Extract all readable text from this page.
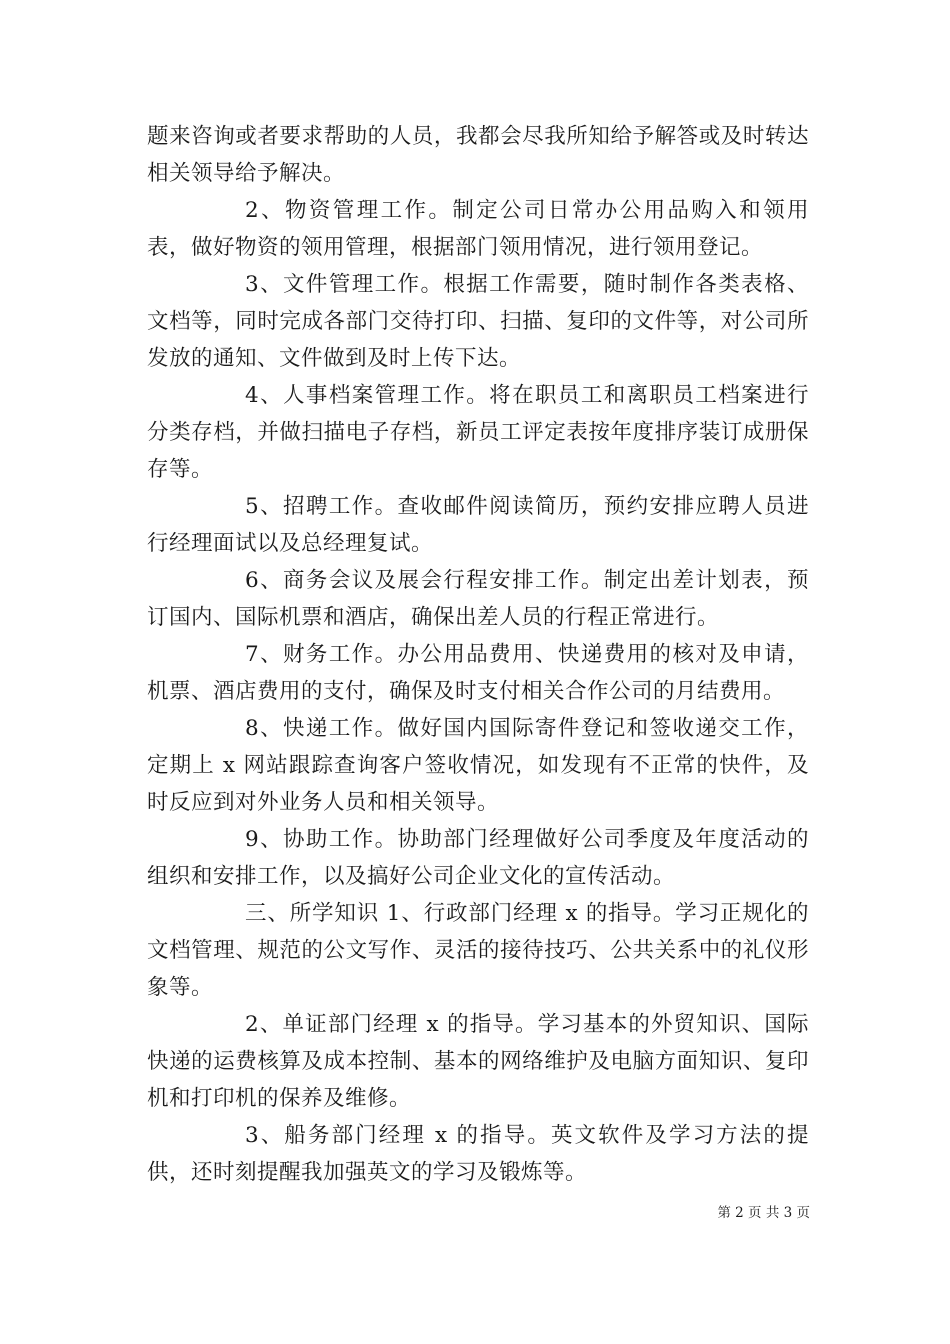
题来咨询或者要求帮助的人员，我都会尽我所知给予解答或及时转达相关领导给予解决。

2、物资管理工作。制定公司日常办公用品购入和领用表，做好物资的领用管理，根据部门领用情况，进行领用登记。

3、文件管理工作。根据工作需要，随时制作各类表格、文档等，同时完成各部门交待打印、扫描、复印的文件等，对公司所发放的通知、文件做到及时上传下达。

4、人事档案管理工作。将在职员工和离职员工档案进行分类存档，并做扫描电子存档，新员工评定表按年度排序装订成册保存等。

5、招聘工作。查收邮件阅读简历，预约安排应聘人员进行经理面试以及总经理复试。

6、商务会议及展会行程安排工作。制定出差计划表，预订国内、国际机票和酒店，确保出差人员的行程正常进行。

7、财务工作。办公用品费用、快递费用的核对及申请，机票、酒店费用的支付，确保及时支付相关合作公司的月结费用。

8、快递工作。做好国内国际寄件登记和签收递交工作，定期上 x 网站跟踪查询客户签收情况，如发现有不正常的快件，及时反应到对外业务人员和相关领导。

9、协助工作。协助部门经理做好公司季度及年度活动的组织和安排工作，以及搞好公司企业文化的宣传活动。

三、所学知识 1、行政部门经理 x 的指导。学习正规化的文档管理、规范的公文写作、灵活的接待技巧、公共关系中的礼仪形象等。

2、单证部门经理 x 的指导。学习基本的外贸知识、国际快递的运费核算及成本控制、基本的网络维护及电脑方面知识、复印机和打印机的保养及维修。

3、船务部门经理 x 的指导。英文软件及学习方法的提供，还时刻提醒我加强英文的学习及锻炼等。

第 2 页 共 3 页
